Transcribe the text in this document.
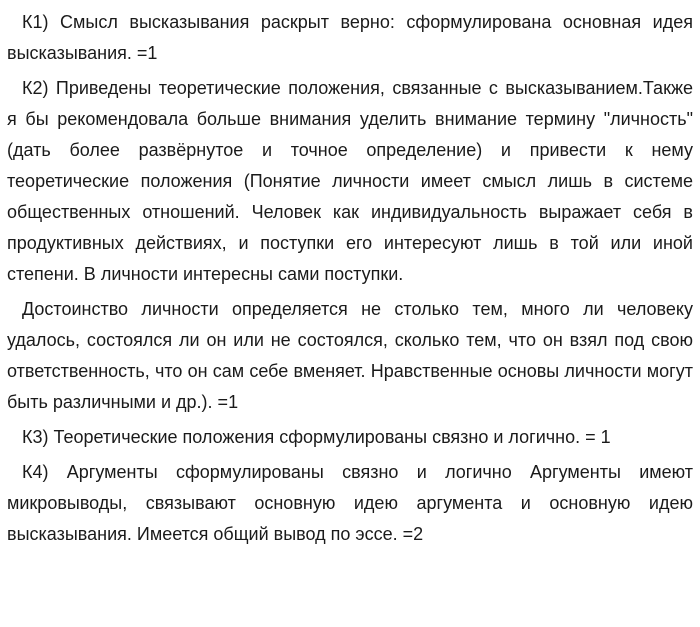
К1) Смысл высказывания раскрыт верно: сформулирована основная идея высказывания. =1

К2) Приведены теоретические положения, связанные с высказыванием.Также я бы рекомендовала больше внимания уделить внимание термину "личность" (дать более развёрнутое и точное определение) и привести к нему теоретические положения (Понятие личности имеет смысл лишь в системе общественных отношений. Человек как индивидуальность выражает себя в продуктивных действиях, и поступки его интересуют лишь в той или иной степени. В личности интересны сами поступки.

Достоинство личности определяется не столько тем, много ли человеку удалось, состоялся ли он или не состоялся, сколько тем, что он взял под свою ответственность, что он сам себе вменяет. Нравственные основы личности могут быть различными и др.). =1

К3) Теоретические положения сформулированы связно и логично. = 1

К4) Аргументы сформулированы связно и логично Аргументы имеют микровыводы, связывают основную идею аргумента и основную идею высказывания. Имеется общий вывод по эссе. =2
